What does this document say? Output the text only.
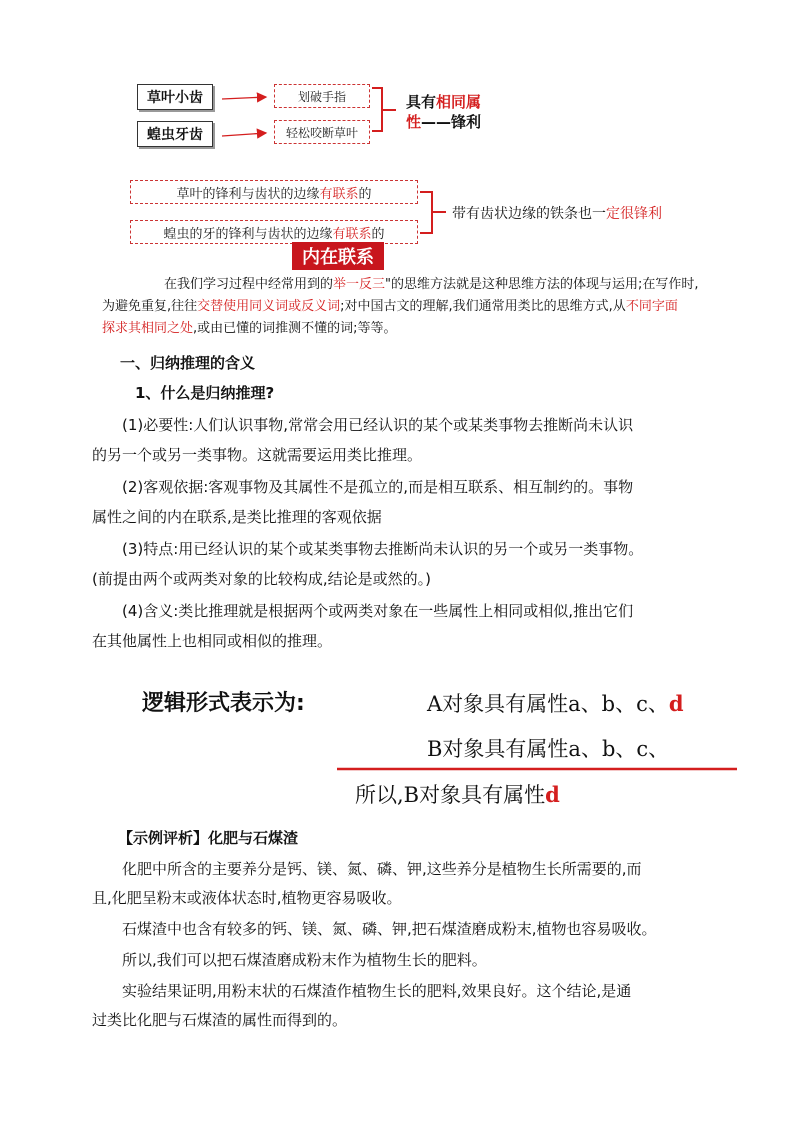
草叶小齿
蝗虫牙齿
划破手指
轻松咬断草叶
具有相同属性——锋利
草叶的锋利与齿状的边缘有联系的
蝗虫的牙的锋利与齿状的边缘有联系的
带有齿状边缘的铁条也一定很锋利
内在联系
在我们学习过程中经常用到的举一反三"的思维方法就是这种思维方法的体现与运用;在写作时,
为避免重复,往往交替使用同义词或反义词;对中国古文的理解,我们通常用类比的思维方式,从不同字面
探求其相同之处,或由已懂的词推测不懂的词;等等。
一、归纳推理的含义
1、什么是归纳推理?
(1)必要性:人们认识事物,常常会用已经认识的某个或某类事物去推断尚未认识
的另一个或另一类事物。这就需要运用类比推理。
(2)客观依据:客观事物及其属性不是孤立的,而是相互联系、相互制约的。事物
属性之间的内在联系,是类比推理的客观依据
(3)特点:用已经认识的某个或某类事物去推断尚未认识的另一个或另一类事物。
(前提由两个或两类对象的比较构成,结论是或然的。)
(4)含义:类比推理就是根据两个或两类对象在一些属性上相同或相似,推出它们
在其他属性上也相同或相似的推理。
逻辑形式表示为:	A对象具有属性a、b、c、d
B对象具有属性a、b、c、
所以,B对象具有属性d
【示例评析】化肥与石煤渣
化肥中所含的主要养分是钙、镁、氮、磷、钾,这些养分是植物生长所需要的,而
且,化肥呈粉末或液体状态时,植物更容易吸收。
石煤渣中也含有较多的钙、镁、氮、磷、钾,把石煤渣磨成粉末,植物也容易吸收。
所以,我们可以把石煤渣磨成粉末作为植物生长的肥料。
实验结果证明,用粉末状的石煤渣作植物生长的肥料,效果良好。这个结论,是通
过类比化肥与石煤渣的属性而得到的。
